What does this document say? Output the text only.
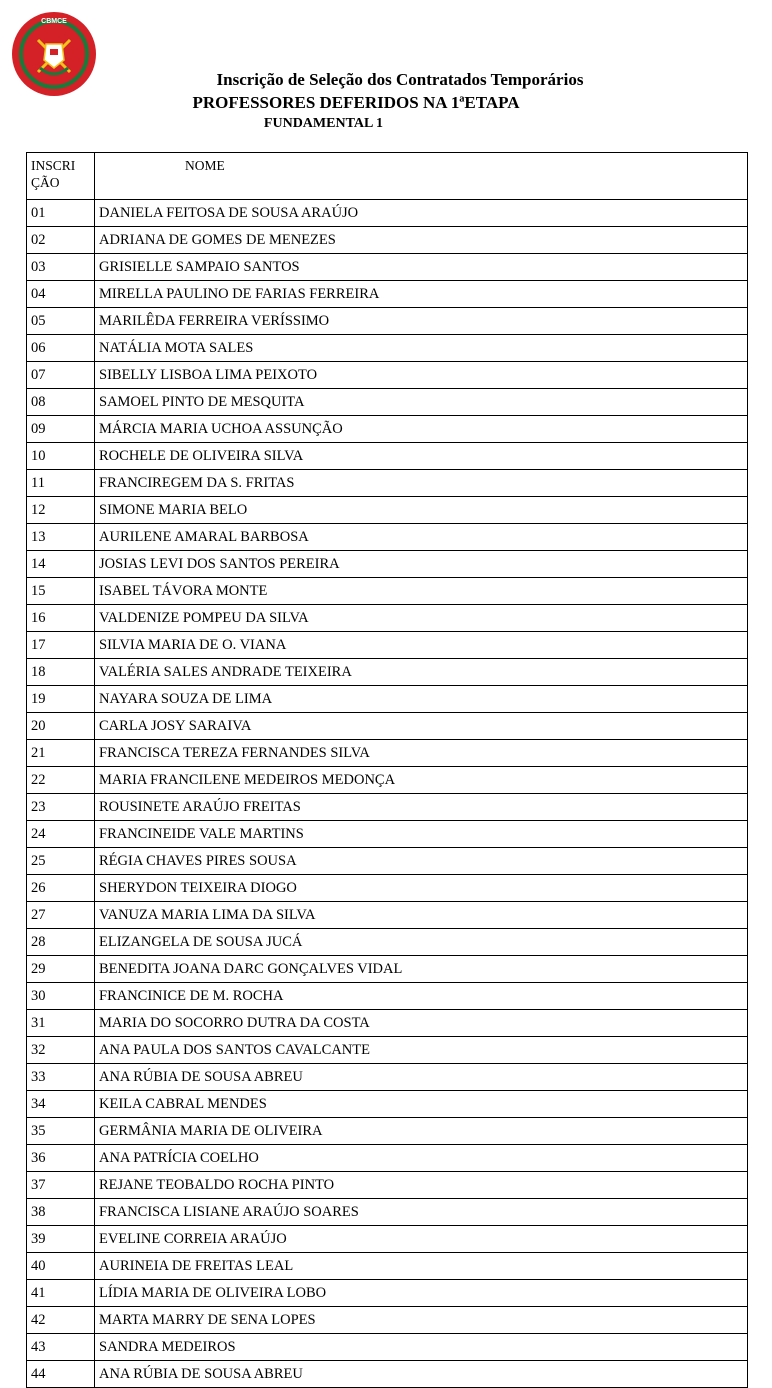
CBMCE
Inscrição de Seleção dos Contratados Temporários
PROFESSORES DEFERIDOS NA 1ªETAPA
FUNDAMENTAL 1
INSCRI
ÇÃO	NOME
01	DANIELA FEITOSA DE SOUSA ARAÚJO
02	ADRIANA DE GOMES DE MENEZES
03	GRISIELLE SAMPAIO SANTOS
04	MIRELLA PAULINO DE FARIAS FERREIRA
05	MARILÊDA FERREIRA VERÍSSIMO
06	NATÁLIA MOTA SALES
07	SIBELLY LISBOA LIMA PEIXOTO
08	SAMOEL PINTO DE MESQUITA
09	MÁRCIA MARIA UCHOA ASSUNÇÃO
10	ROCHELE DE OLIVEIRA SILVA
11	FRANCIREGEM DA S. FRITAS
12	SIMONE MARIA BELO
13	AURILENE AMARAL BARBOSA
14	JOSIAS LEVI DOS SANTOS PEREIRA
15	ISABEL TÁVORA MONTE
16	VALDENIZE POMPEU DA SILVA
17	SILVIA MARIA DE O. VIANA
18	VALÉRIA SALES ANDRADE TEIXEIRA
19	NAYARA SOUZA DE LIMA
20	CARLA JOSY SARAIVA
21	FRANCISCA TEREZA FERNANDES SILVA
22	MARIA FRANCILENE MEDEIROS MEDONÇA
23	ROUSINETE ARAÚJO FREITAS
24	FRANCINEIDE VALE MARTINS
25	RÉGIA CHAVES PIRES SOUSA
26	SHERYDON TEIXEIRA DIOGO
27	VANUZA MARIA LIMA DA SILVA
28	ELIZANGELA DE SOUSA JUCÁ
29	BENEDITA JOANA DARC GONÇALVES VIDAL
30	FRANCINICE DE M. ROCHA
31	MARIA DO SOCORRO DUTRA DA COSTA
32	ANA PAULA DOS SANTOS CAVALCANTE
33	ANA RÚBIA DE SOUSA ABREU
34	KEILA CABRAL MENDES
35	GERMÂNIA MARIA DE OLIVEIRA
36	ANA PATRÍCIA COELHO
37	REJANE TEOBALDO ROCHA PINTO
38	FRANCISCA LISIANE ARAÚJO SOARES
39	EVELINE CORREIA ARAÚJO
40	AURINEIA DE FREITAS LEAL
41	LÍDIA MARIA DE OLIVEIRA LOBO
42	MARTA MARRY DE SENA LOPES
43	SANDRA MEDEIROS
44	ANA RÚBIA DE SOUSA ABREU
